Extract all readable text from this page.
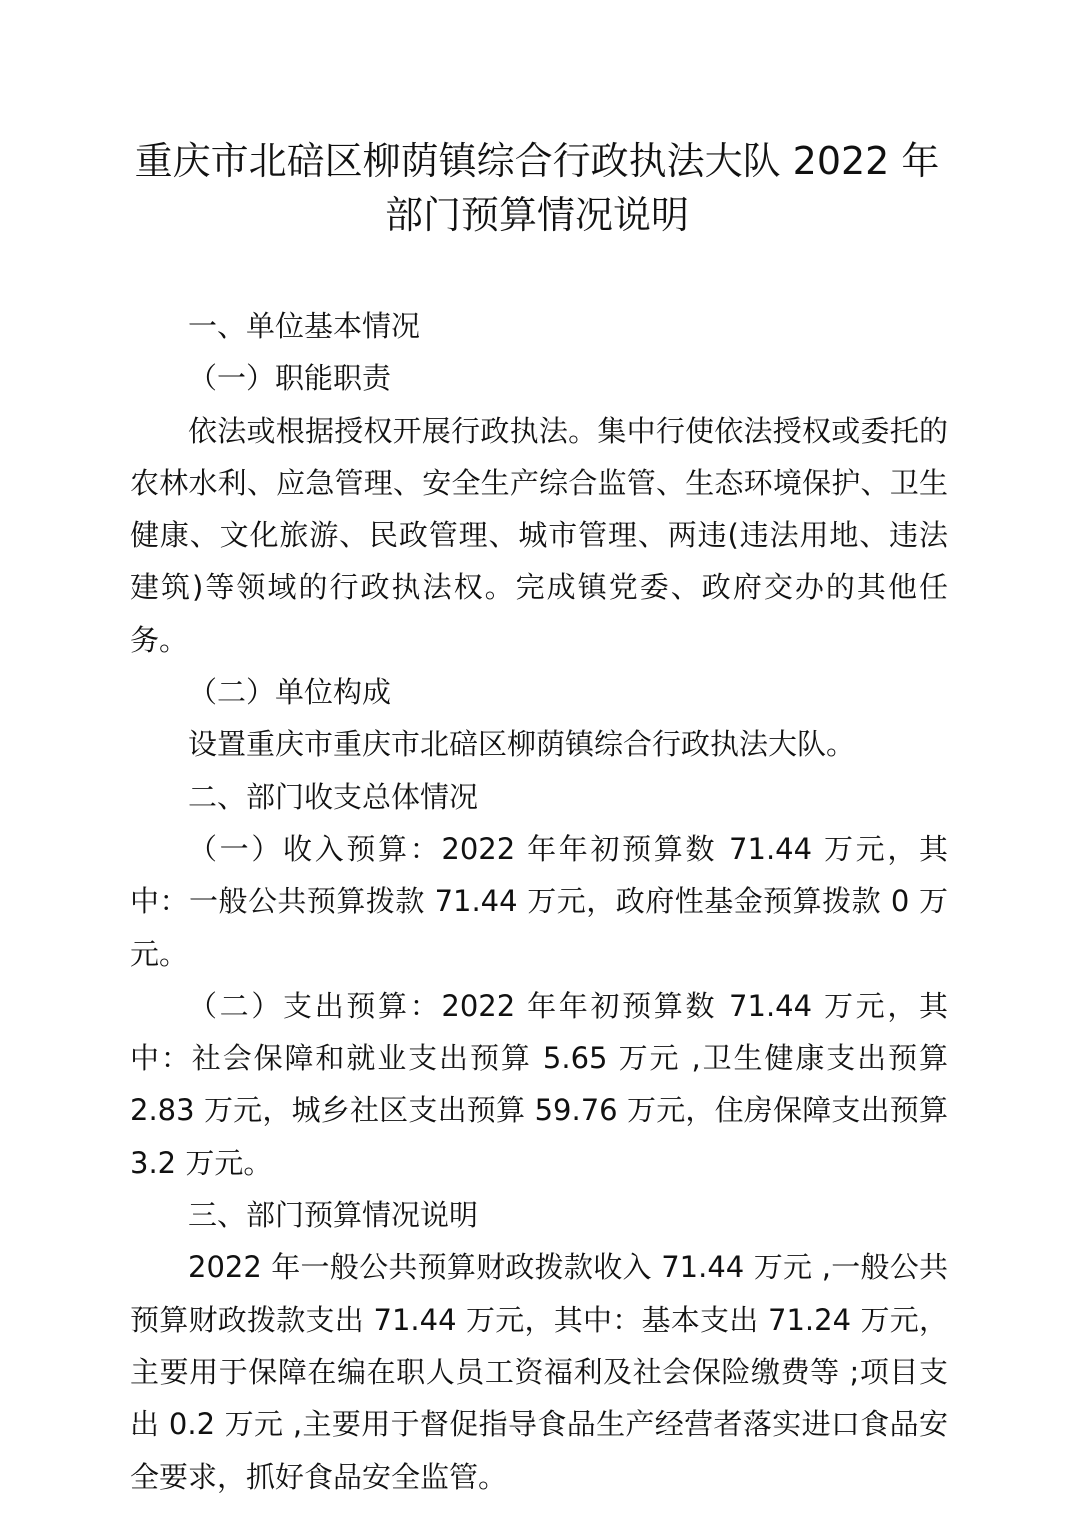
重庆市北碚区柳荫镇综合行政执法大队 2022 年部门预算情况说明

一、单位基本情况

（一）职能职责

依法或根据授权开展行政执法。集中行使依法授权或委托的农林水利、应急管理、安全生产综合监管、生态环境保护、卫生健康、文化旅游、民政管理、城市管理、两违(违法用地、违法建筑)等领域的行政执法权。完成镇党委、政府交办的其他任务。

（二）单位构成

设置重庆市重庆市北碚区柳荫镇综合行政执法大队。

二、部门收支总体情况

（一）收入预算：2022 年年初预算数 71.44 万元，其中：一般公共预算拨款 71.44 万元，政府性基金预算拨款 0 万元。

（二）支出预算：2022 年年初预算数 71.44 万元，其中：社会保障和就业支出预算 5.65 万元 ,卫生健康支出预算 2.83 万元，城乡社区支出预算 59.76 万元，住房保障支出预算 3.2 万元。

三、部门预算情况说明

2022 年一般公共预算财政拨款收入 71.44 万元 ,一般公共预算财政拨款支出 71.44 万元，其中：基本支出 71.24 万元，主要用于保障在编在职人员工资福利及社会保险缴费等 ;项目支出 0.2 万元 ,主要用于督促指导食品生产经营者落实进口食品安全要求，抓好食品安全监管。
